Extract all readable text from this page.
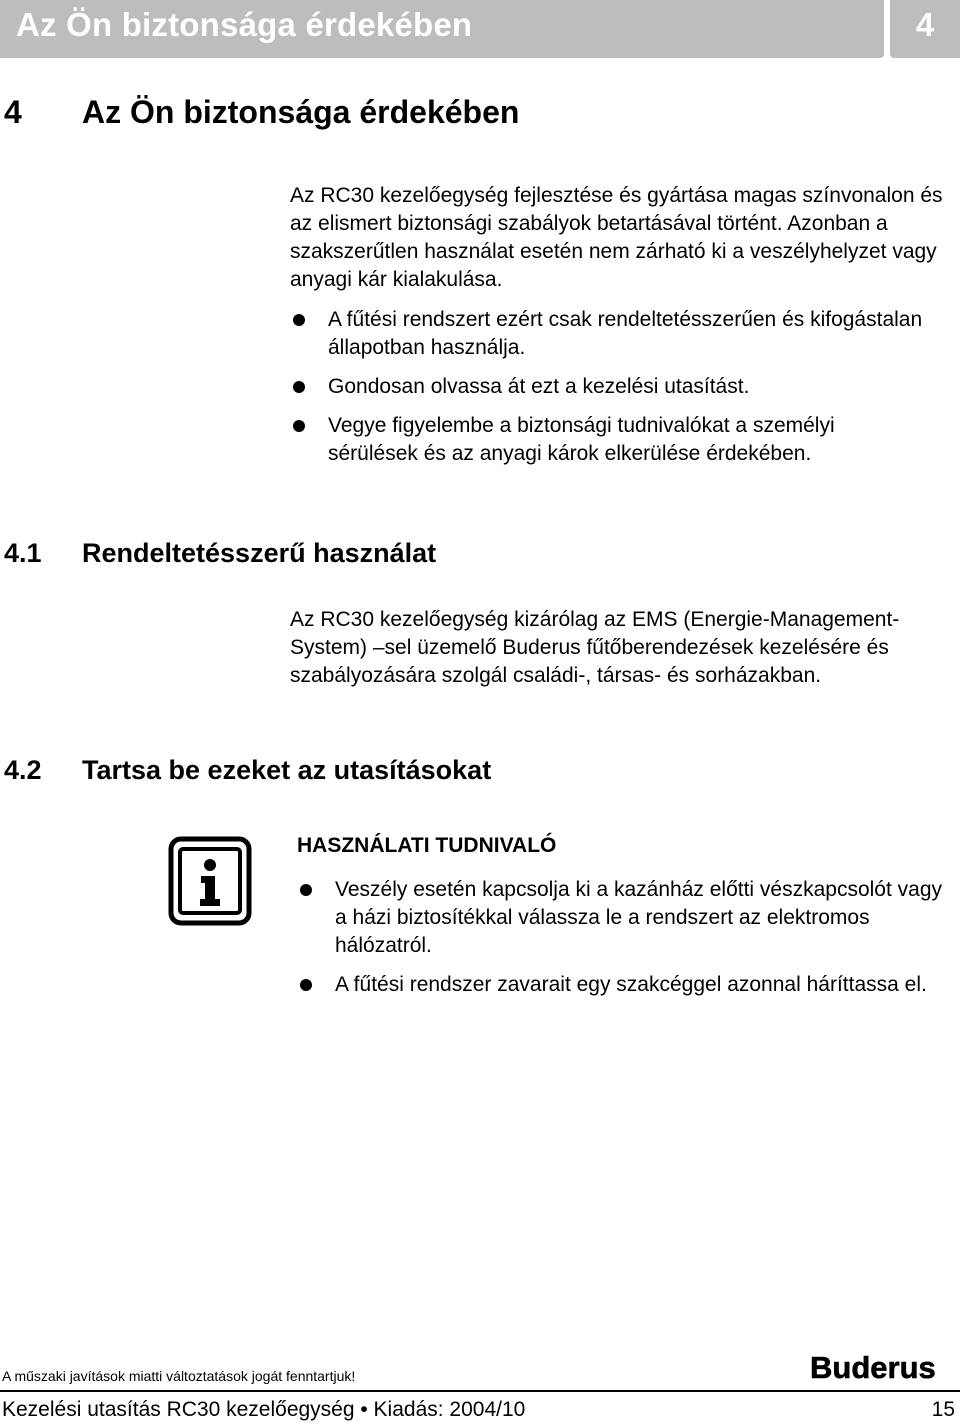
Az Ön biztonsága érdekében	4
4 Az Ön biztonsága érdekében
Az RC30 kezelőegység fejlesztése és gyártása magas színvonalon és az elismert biztonsági szabályok betartásával történt. Azonban a szakszerűtlen használat esetén nem zárható ki a veszélyhelyzet vagy anyagi kár kialakulása.
A fűtési rendszert ezért csak rendeltetésszerűen és kifogástalan állapotban használja.
Gondosan olvassa át ezt a kezelési utasítást.
Vegye figyelembe a biztonsági tudnivalókat a személyi sérülések és az anyagi károk elkerülése érdekében.
4.1 Rendeltetésszerű használat
Az RC30 kezelőegység kizárólag az EMS (Energie-Management-System) –sel üzemelő Buderus fűtőberendezések kezelésére és szabályozására szolgál családi-, társas- és sorházakban.
4.2 Tartsa be ezeket az utasításokat
HASZNÁLATI TUDNIVALÓ
Veszély esetén kapcsolja ki a kazánház előtti vészkapcsolót vagy a házi biztosítékkal válassza le a rendszert az elektromos hálózatról.
A fűtési rendszer zavarait egy szakcéggel azonnal háríttassa el.
A műszaki javítások miatti változtatások jogát fenntartjuk!	Buderus
Kezelési utasítás RC30 kezelőegység • Kiadás: 2004/10	15
